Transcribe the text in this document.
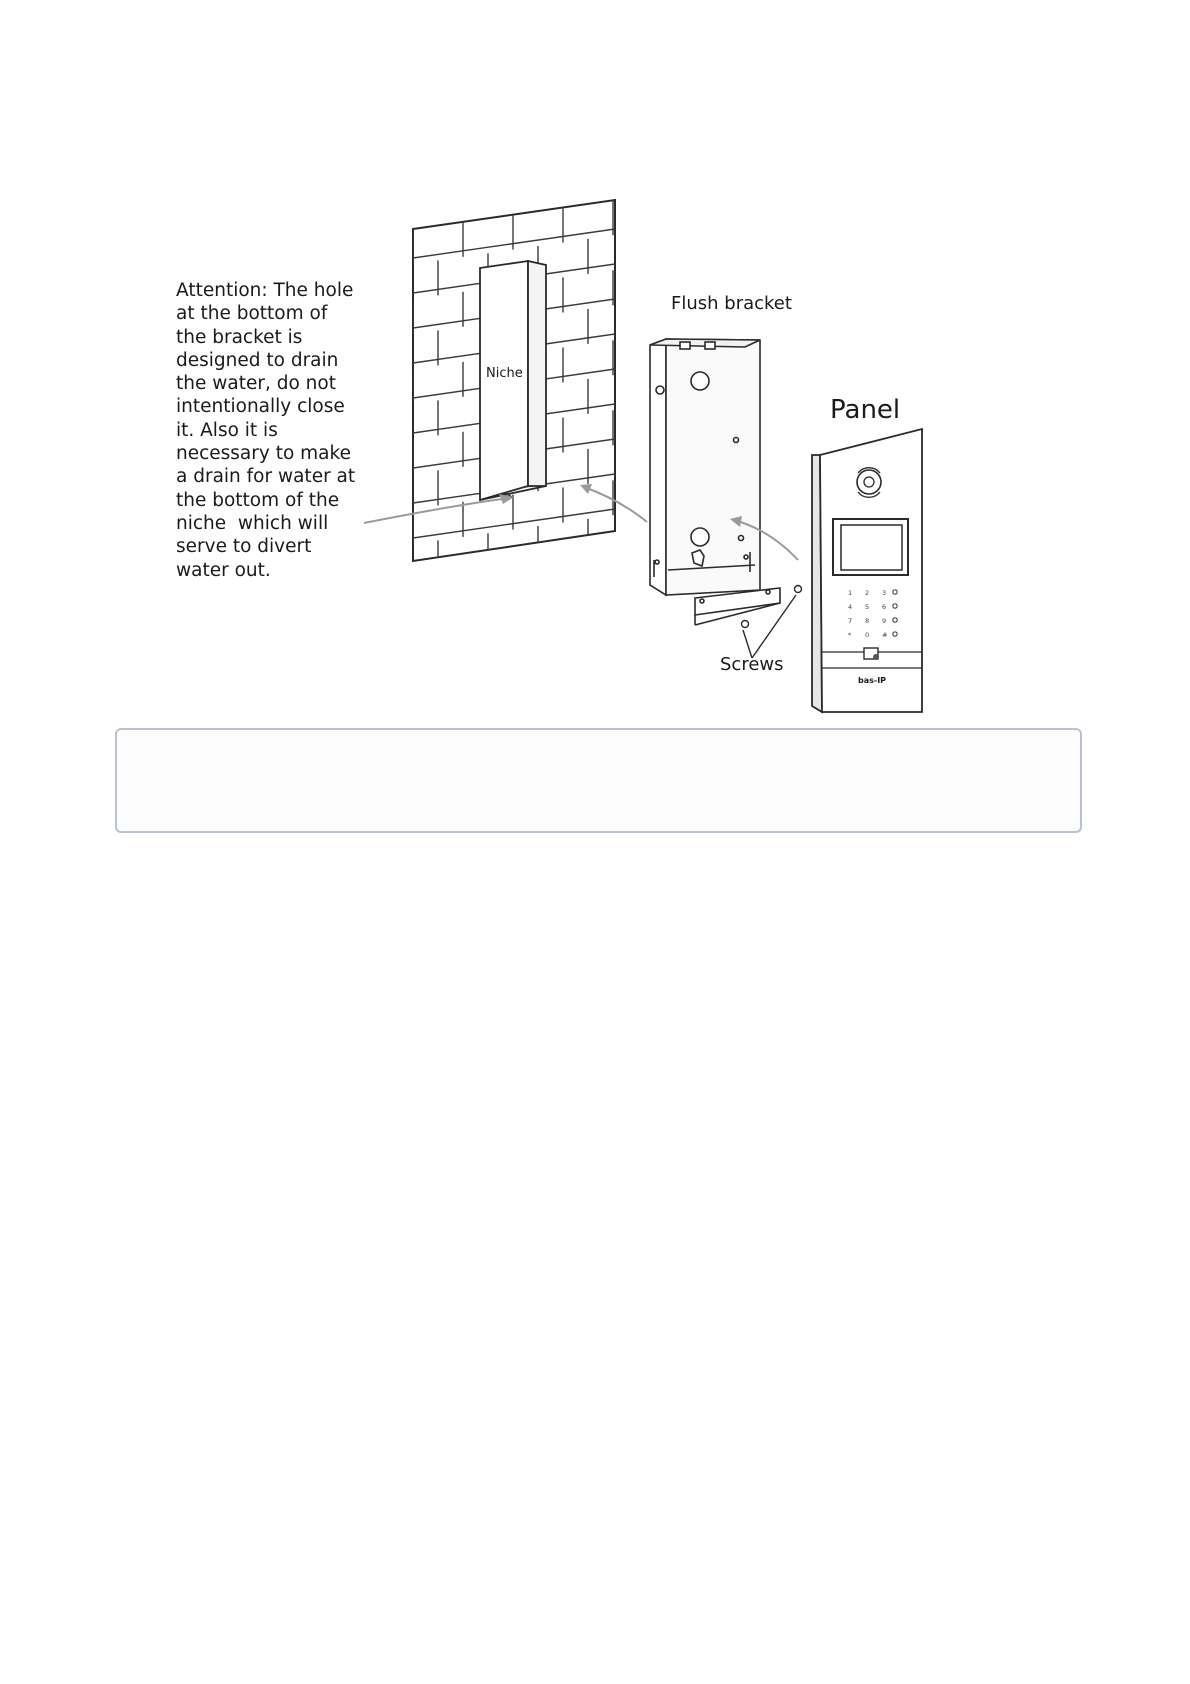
Niche
1 2 3
4 5 6
7 8 9
* 0 #
bas-IP
Flush bracket
Panel
Screws
Attention: The hole
at the bottom of
the bracket is
designed to drain
the water, do not
intentionally close
it. Also it is
necessary to make
a drain for water at
the bottom of the
niche  which will
serve to divert
water out.
